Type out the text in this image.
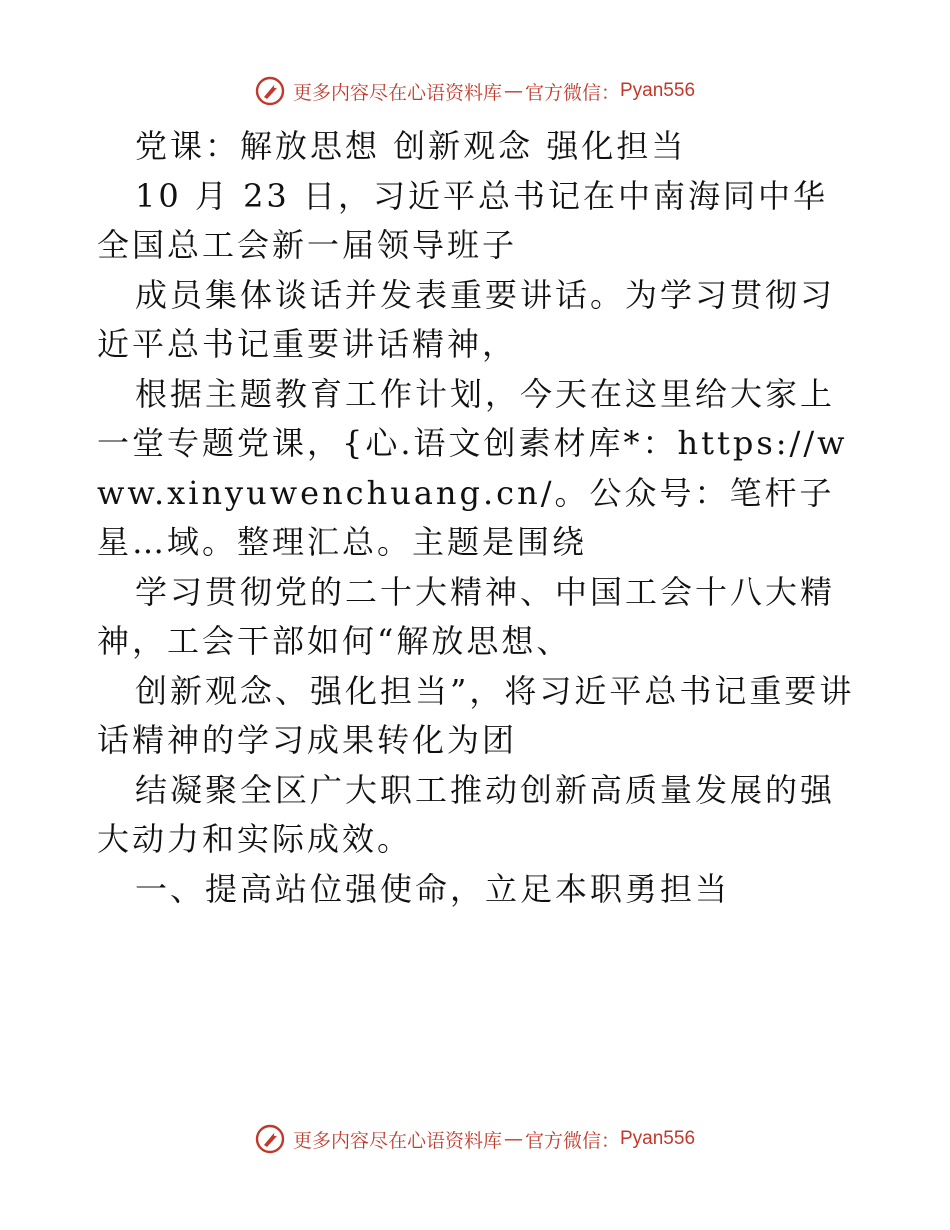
更多内容尽在心语资料库 — 官方微信： Pyan556

党课：解放思想 创新观念 强化担当

10 月 23 日，习近平总书记在中南海同中华全国总工会新一届领导班子

成员集体谈话并发表重要讲话。为学习贯彻习近平总书记重要讲话精神，

根据主题教育工作计划，今天在这里给大家上一堂专题党课，{心.语文创素材库*：https://www.xinyuwenchuang.cn/。公众号：笔杆子星…域。整理汇总。主题是围绕

学习贯彻党的二十大精神、中国工会十八大精神，工会干部如何“解放思想、

创新观念、强化担当”，将习近平总书记重要讲话精神的学习成果转化为团

结凝聚全区广大职工推动创新高质量发展的强大动力和实际成效。

一、提高站位强使命，立足本职勇担当

更多内容尽在心语资料库 — 官方微信： Pyan556
